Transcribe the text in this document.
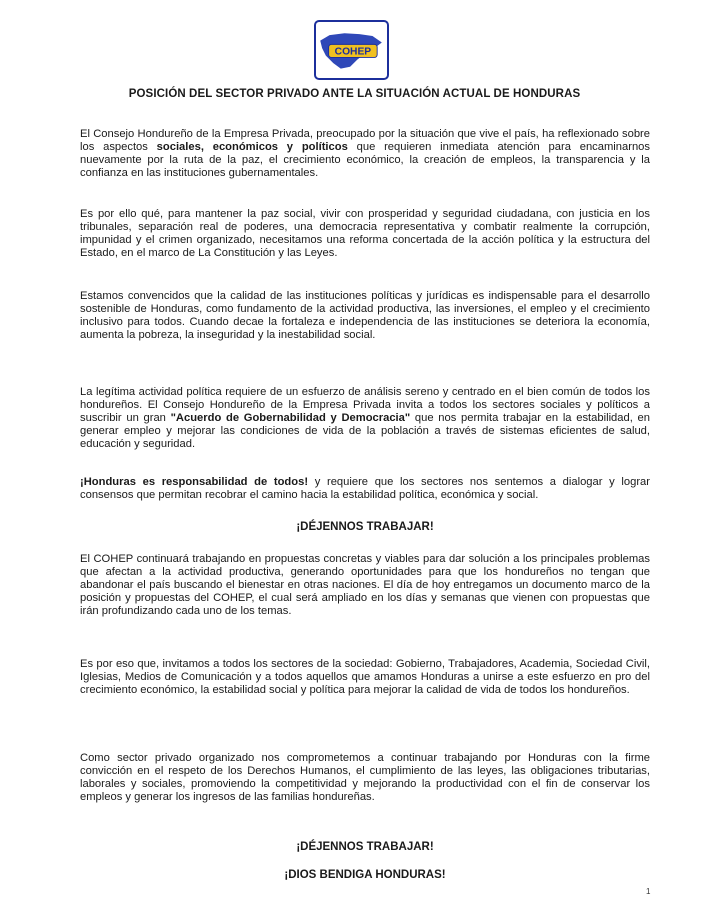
COHEP
POSICIÓN DEL SECTOR PRIVADO ANTE LA SITUACIÓN ACTUAL DE HONDURAS

El Consejo Hondureño de la Empresa Privada, preocupado por la situación que vive el país, ha reflexionado sobre los aspectos sociales, económicos y políticos que requieren inmediata atención para encaminarnos nuevamente por la ruta de la paz, el crecimiento económico, la creación de empleos, la transparencia y la confianza en las instituciones gubernamentales.

Es por ello qué, para mantener la paz social, vivir con prosperidad y seguridad ciudadana, con justicia en los tribunales, separación real de poderes, una democracia representativa y combatir realmente la corrupción, impunidad y el crimen organizado, necesitamos una reforma concertada de la acción política y la estructura del Estado, en el marco de La Constitución y las Leyes.

Estamos convencidos que la calidad de las instituciones políticas y jurídicas es indispensable para el desarrollo sostenible de Honduras, como fundamento de la actividad productiva, las inversiones, el empleo y el crecimiento inclusivo para todos. Cuando decae la fortaleza e independencia de las instituciones se deteriora la economía, aumenta la pobreza, la inseguridad y la inestabilidad social.

La legítima actividad política requiere de un esfuerzo de análisis sereno y centrado en el bien común de todos los hondureños. El Consejo Hondureño de la Empresa Privada invita a todos los sectores sociales y políticos a suscribir un gran "Acuerdo de Gobernabilidad y Democracia" que nos permita trabajar en la estabilidad, en generar empleo y mejorar las condiciones de vida de la población a través de sistemas eficientes de salud, educación y seguridad.

¡Honduras es responsabilidad de todos! y requiere que los sectores nos sentemos a dialogar y lograr consensos que permitan recobrar el camino hacia la estabilidad política, económica y social.

¡DÉJENNOS TRABAJAR!

El COHEP continuará trabajando en propuestas concretas y viables para dar solución a los principales problemas que afectan a la actividad productiva, generando oportunidades para que los hondureños no tengan que abandonar el país buscando el bienestar en otras naciones. El día de hoy entregamos un documento marco de la posición y propuestas del COHEP, el cual será ampliado en los días y semanas que vienen con propuestas que irán profundizando cada uno de los temas.

Es por eso que, invitamos a todos los sectores de la sociedad: Gobierno, Trabajadores, Academia, Sociedad Civil, Iglesias, Medios de Comunicación y a todos aquellos que amamos Honduras a unirse a este esfuerzo en pro del crecimiento económico, la estabilidad social y política para mejorar la calidad de vida de todos los hondureños.

Como sector privado organizado nos comprometemos a continuar trabajando por Honduras con la firme convicción en el respeto de los Derechos Humanos, el cumplimiento de las leyes, las obligaciones tributarias, laborales y sociales, promoviendo la competitividad y mejorando la productividad con el fin de conservar los empleos y generar los ingresos de las familias hondureñas.

¡DÉJENNOS TRABAJAR!
¡DIOS BENDIGA HONDURAS!
1
